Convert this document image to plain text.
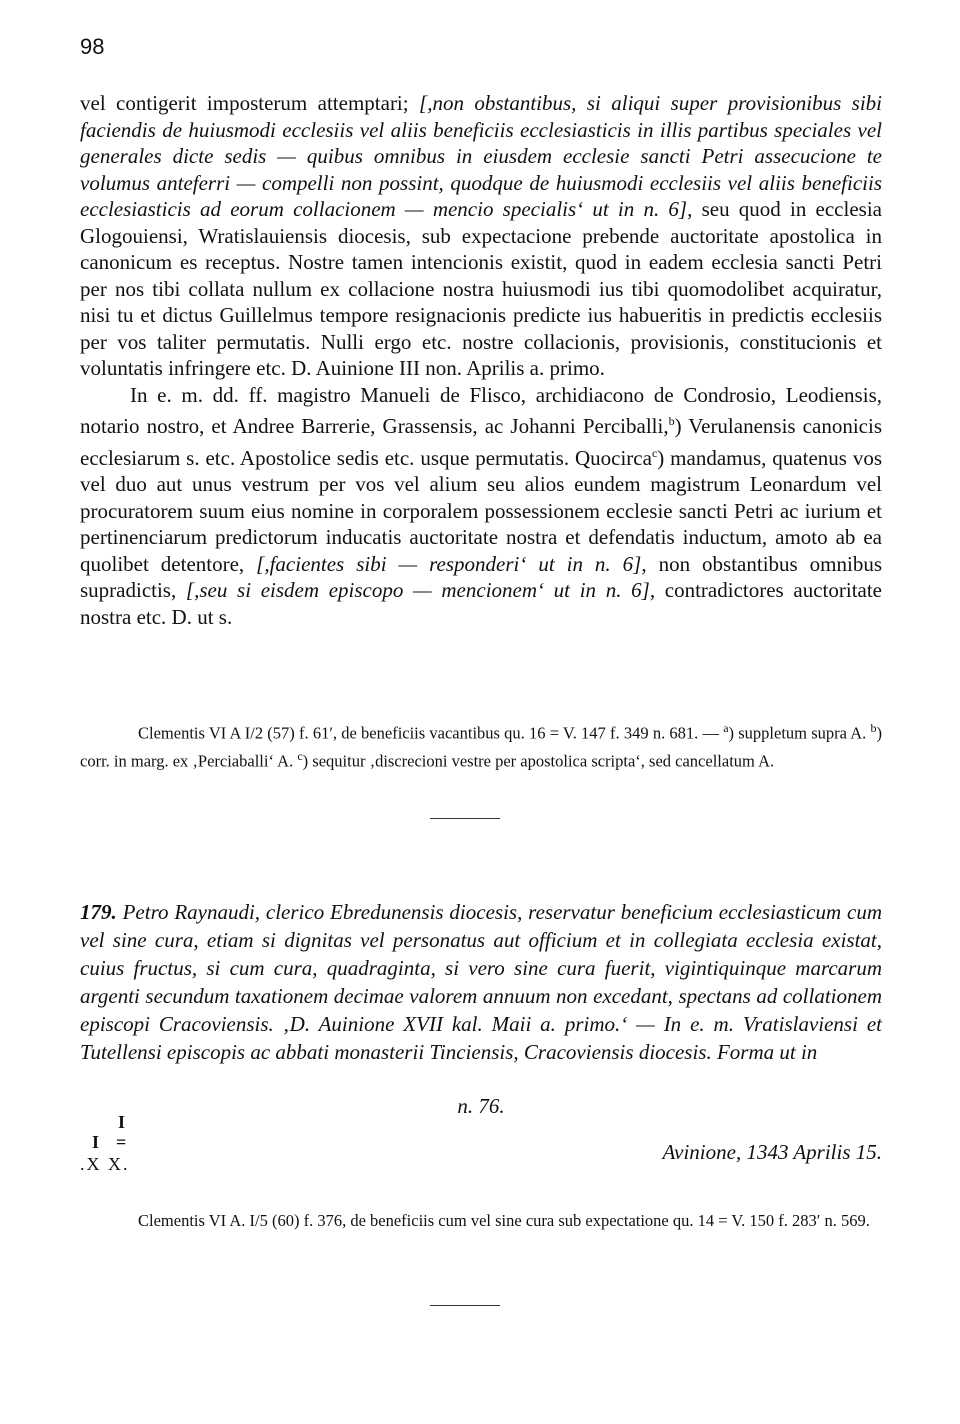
98

vel contigerit imposterum attemptari; [,non obstantibus, si aliqui super provisionibus sibi faciendis de huiusmodi ecclesiis vel aliis beneficiis ecclesiasticis in illis partibus speciales vel generales dicte sedis — quibus omnibus in eiusdem ecclesie sancti Petri assecucione te volumus anteferri — compelli non possint, quodque de huiusmodi ecclesiis vel aliis beneficiis ecclesiasticis ad eorum collacionem — mencio specialis‘ ut in n. 6], seu quod in ecclesia Glogouiensi, Wratislauiensis diocesis, sub expectacione prebende auctoritate apostolica in canonicum es receptus. Nostre tamen intencionis existit, quod in eadem ecclesia sancti Petri per nos tibi collata nullum ex collacione nostra huiusmodi ius tibi quomodolibet acquiratur, nisi tu et dictus Guillelmus tempore resignacionis predicte ius habueritis in predictis ecclesiis per vos taliter permutatis. Nulli ergo etc. nostre collacionis, provisionis, constitucionis et voluntatis infringere etc. D. Auinione III non. Aprilis a. primo.

In e. m. dd. ff. magistro Manueli de Flisco, archidiacono de Condrosio, Leodiensis, notario nostro, et Andree Barrerie, Grassensis, ac Johanni Perciballi,$^b$) Verulanensis canonicis ecclesiarum s. etc. Apostolice sedis etc. usque permutatis. Quocirca$^c$) mandamus, quatenus vos vel duo aut unus vestrum per vos vel alium seu alios eundem magistrum Leonardum vel procuratorem suum eius nomine in corporalem possessionem ecclesie sancti Petri ac iurium et pertinenciarum predictorum inducatis auctoritate nostra et defendatis inductum, amoto ab ea quolibet detentore, [,facientes sibi — responderi‘ ut in n. 6], non obstantibus omnibus supradictis, [,seu si eisdem episcopo — mencionem‘ ut in n. 6], contradictores auctoritate nostra etc. D. ut s.

Clementis VI A I/2 (57) f. 61′, de beneficiis vacantibus qu. 16 = V. 147 f. 349 n. 681. — $^a$) suppletum supra A. $^b$) corr. in marg. ex ‚Perciaballi‘ A. $^c$) sequitur ‚discrecioni vestre per apostolica scripta‘, sed cancellatum A.
179. Petro Raynaudi, clerico Ebredunensis diocesis, reservatur beneficium ecclesiasticum cum vel sine cura, etiam si dignitas vel personatus aut officium et in collegiata ecclesia existat, cuius fructus, si cum cura, quadraginta, si vero sine cura fuerit, vigintiquinque marcarum argenti secundum taxationem decimae valorem annuum non excedant, spectans ad collationem episcopi Cracoviensis. ‚D. Auinione XVII kal. Maii a. primo.‘ — In e. m. Vratislaviensi et Tutellensi episcopis ac abbati monasterii Tinciensis, Cracoviensis diocesis. Forma ut in
n. 76.
I
I =
.X X.	Avinione, 1343 Aprilis 15.
Clementis VI A. I/5 (60) f. 376, de beneficiis cum vel sine cura sub expectatione qu. 14 = V. 150 f. 283′ n. 569.
